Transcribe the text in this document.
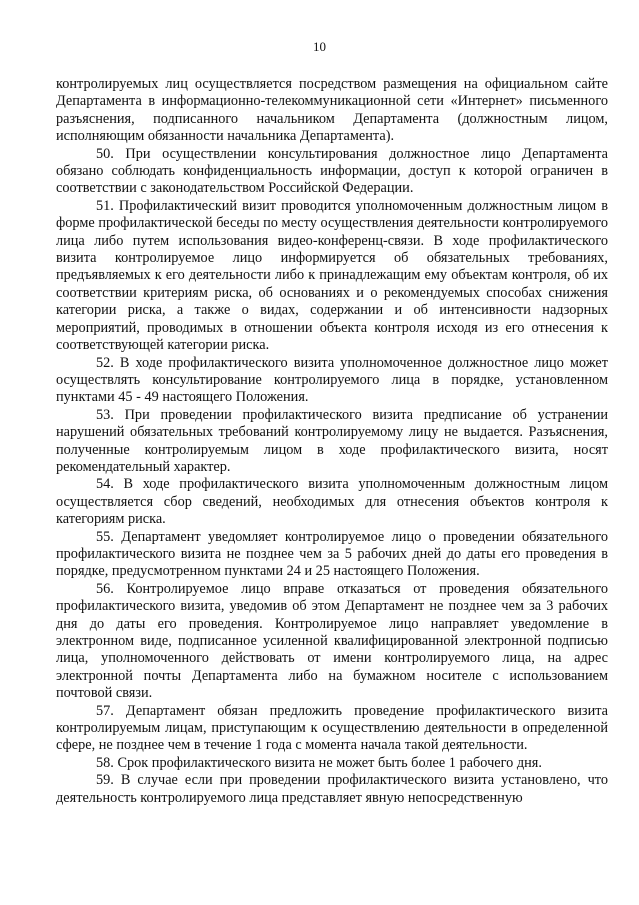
10

контролируемых лиц осуществляется посредством размещения на официальном сайте Департамента в информационно-телекоммуникационной сети «Интернет» письменного разъяснения, подписанного начальником Департамента (должностным лицом, исполняющим обязанности начальника Департамента).

50. При осуществлении консультирования должностное лицо Департамента обязано соблюдать конфиденциальность информации, доступ к которой ограничен в соответствии с законодательством Российской Федерации.

51. Профилактический визит проводится уполномоченным должностным лицом в форме профилактической беседы по месту осуществления деятельности контролируемого лица либо путем использования видео-конференц-связи. В ходе профилактического визита контролируемое лицо информируется об обязательных требованиях, предъявляемых к его деятельности либо к принадлежащим ему объектам контроля, об их соответствии критериям риска, об основаниях и о рекомендуемых способах снижения категории риска, а также о видах, содержании и об интенсивности надзорных мероприятий, проводимых в отношении объекта контроля исходя из его отнесения к соответствующей категории риска.

52. В ходе профилактического визита уполномоченное должностное лицо может осуществлять консультирование контролируемого лица в порядке, установленном пунктами 45 - 49 настоящего Положения.

53. При проведении профилактического визита предписание об устранении нарушений обязательных требований контролируемому лицу не выдается. Разъяснения, полученные контролируемым лицом в ходе профилактического визита, носят рекомендательный характер.

54. В ходе профилактического визита уполномоченным должностным лицом осуществляется сбор сведений, необходимых для отнесения объектов контроля к категориям риска.

55. Департамент уведомляет контролируемое лицо о проведении обязательного профилактического визита не позднее чем за 5 рабочих дней до даты его проведения в порядке, предусмотренном пунктами 24 и 25 настоящего Положения.

56. Контролируемое лицо вправе отказаться от проведения обязательного профилактического визита, уведомив об этом Департамент не позднее чем за 3 рабочих дня до даты его проведения. Контролируемое лицо направляет уведомление в электронном виде, подписанное усиленной квалифицированной электронной подписью лица, уполномоченного действовать от имени контролируемого лица, на адрес электронной почты Департамента либо на бумажном носителе с использованием почтовой связи.

57. Департамент обязан предложить проведение профилактического визита контролируемым лицам, приступающим к осуществлению деятельности в определенной сфере, не позднее чем в течение 1 года с момента начала такой деятельности.

58. Срок профилактического визита не может быть более 1 рабочего дня.

59. В случае если при проведении профилактического визита установлено, что деятельность контролируемого лица представляет явную непосредственную
